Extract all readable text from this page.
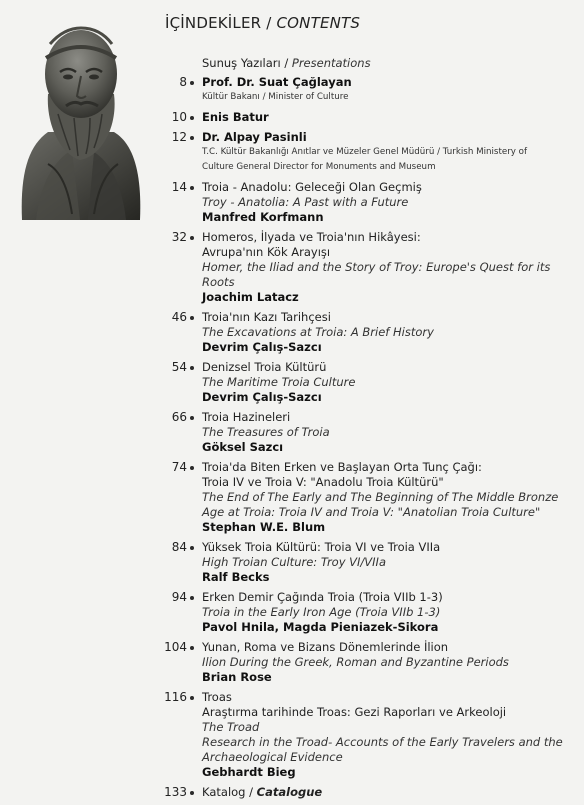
İÇİNDEKİLER / CONTENTS
Sunuş Yazıları / Presentations
8 Prof. Dr. Suat Çağlayan
Kültür Bakanı / Minister of Culture
10 Enis Batur
12 Dr. Alpay Pasinli
T.C. Kültür Bakanlığı Anıtlar ve Müzeler Genel Müdürü / Turkish Ministery of
Culture General Director for Monuments and Museum
14 Troia - Anadolu: Geleceği Olan Geçmiş
Troy - Anatolia: A Past with a Future
Manfred Korfmann
32 Homeros, İlyada ve Troia'nın Hikâyesi:
Avrupa'nın Kök Arayışı
Homer, the Iliad and the Story of Troy: Europe's Quest for its
Roots
Joachim Latacz
46 Troia'nın Kazı Tarihçesi
The Excavations at Troia: A Brief History
Devrim Çalış-Sazcı
54 Denizsel Troia Kültürü
The Maritime Troia Culture
Devrim Çalış-Sazcı
66 Troia Hazineleri
The Treasures of Troia
Göksel Sazcı
74 Troia'da Biten Erken ve Başlayan Orta Tunç Çağı:
Troia IV ve Troia V: "Anadolu Troia Kültürü"
The End of The Early and The Beginning of The Middle Bronze
Age at Troia: Troia IV and Troia V: "Anatolian Troia Culture"
Stephan W.E. Blum
84 Yüksek Troia Kültürü: Troia VI ve Troia VIIa
High Troian Culture: Troy VI/VIIa
Ralf Becks
94 Erken Demir Çağında Troia (Troia VIIb 1-3)
Troia in the Early Iron Age (Troia VIIb 1-3)
Pavol Hnila, Magda Pieniazek-Sikora
104 Yunan, Roma ve Bizans Dönemlerinde İlion
Ilion During the Greek, Roman and Byzantine Periods
Brian Rose
116 Troas
Araştırma tarihinde Troas: Gezi Raporları ve Arkeoloji
The Troad
Research in the Troad- Accounts of the Early Travelers and the
Archaeological Evidence
Gebhardt Bieg
133 Katalog / Catalogue
